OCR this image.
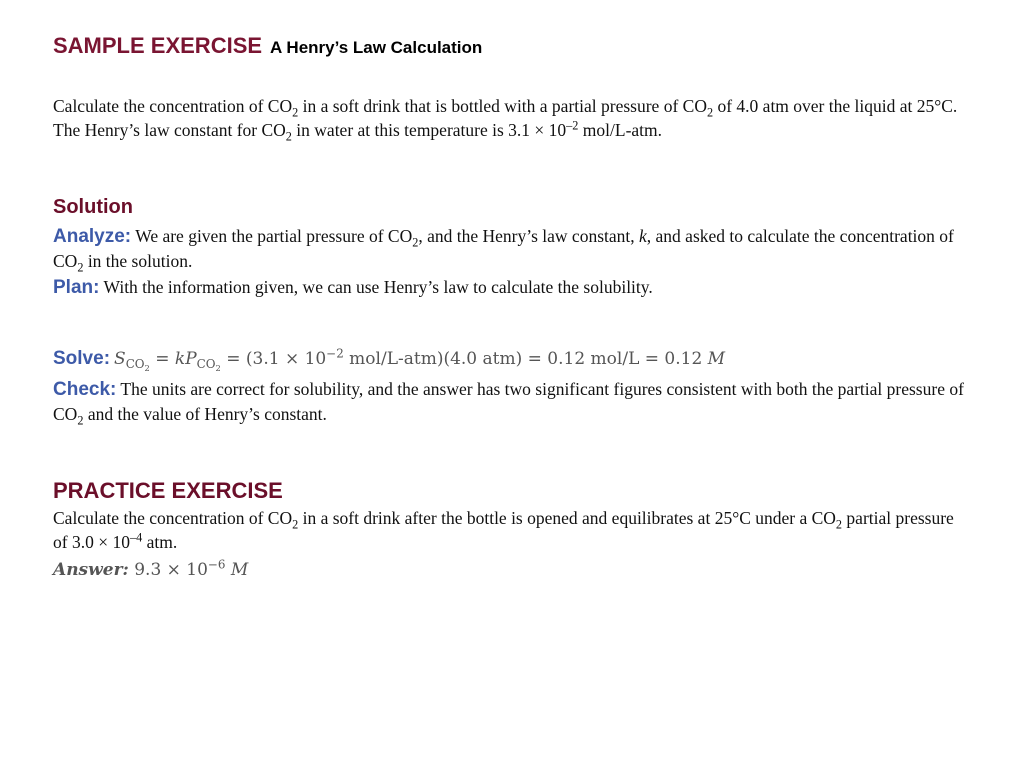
SAMPLE EXERCISE A Henry’s Law Calculation
Calculate the concentration of $CO_2$ in a soft drink that is bottled with a partial pressure of $CO_2$ of 4.0 atm over the liquid at 25°C. The Henry’s law constant for $CO_2$ in water at this temperature is $3.1 \times 10^{-2}$ mol/L-atm.
Solution
Analyze: We are given the partial pressure of $CO_2$, and the Henry’s law constant, k, and asked to calculate the concentration of $CO_2$ in the solution.
Plan: With the information given, we can use Henry’s law to calculate the solubility.
Solve: $S_{CO_2} = kP_{CO_2} = (3.1 \times 10^{-2}$ mol/L-atm)(4.0 atm) = 0.12 mol/L = 0.12 M
Check: The units are correct for solubility, and the answer has two significant figures consistent with both the partial pressure of $CO_2$ and the value of Henry’s constant.
PRACTICE EXERCISE
Calculate the concentration of $CO_2$ in a soft drink after the bottle is opened and equilibrates at 25°C under a $CO_2$ partial pressure of $3.0 \times 10^{-4}$ atm.
Answer: $9.3 \times 10^{-6}$ M
